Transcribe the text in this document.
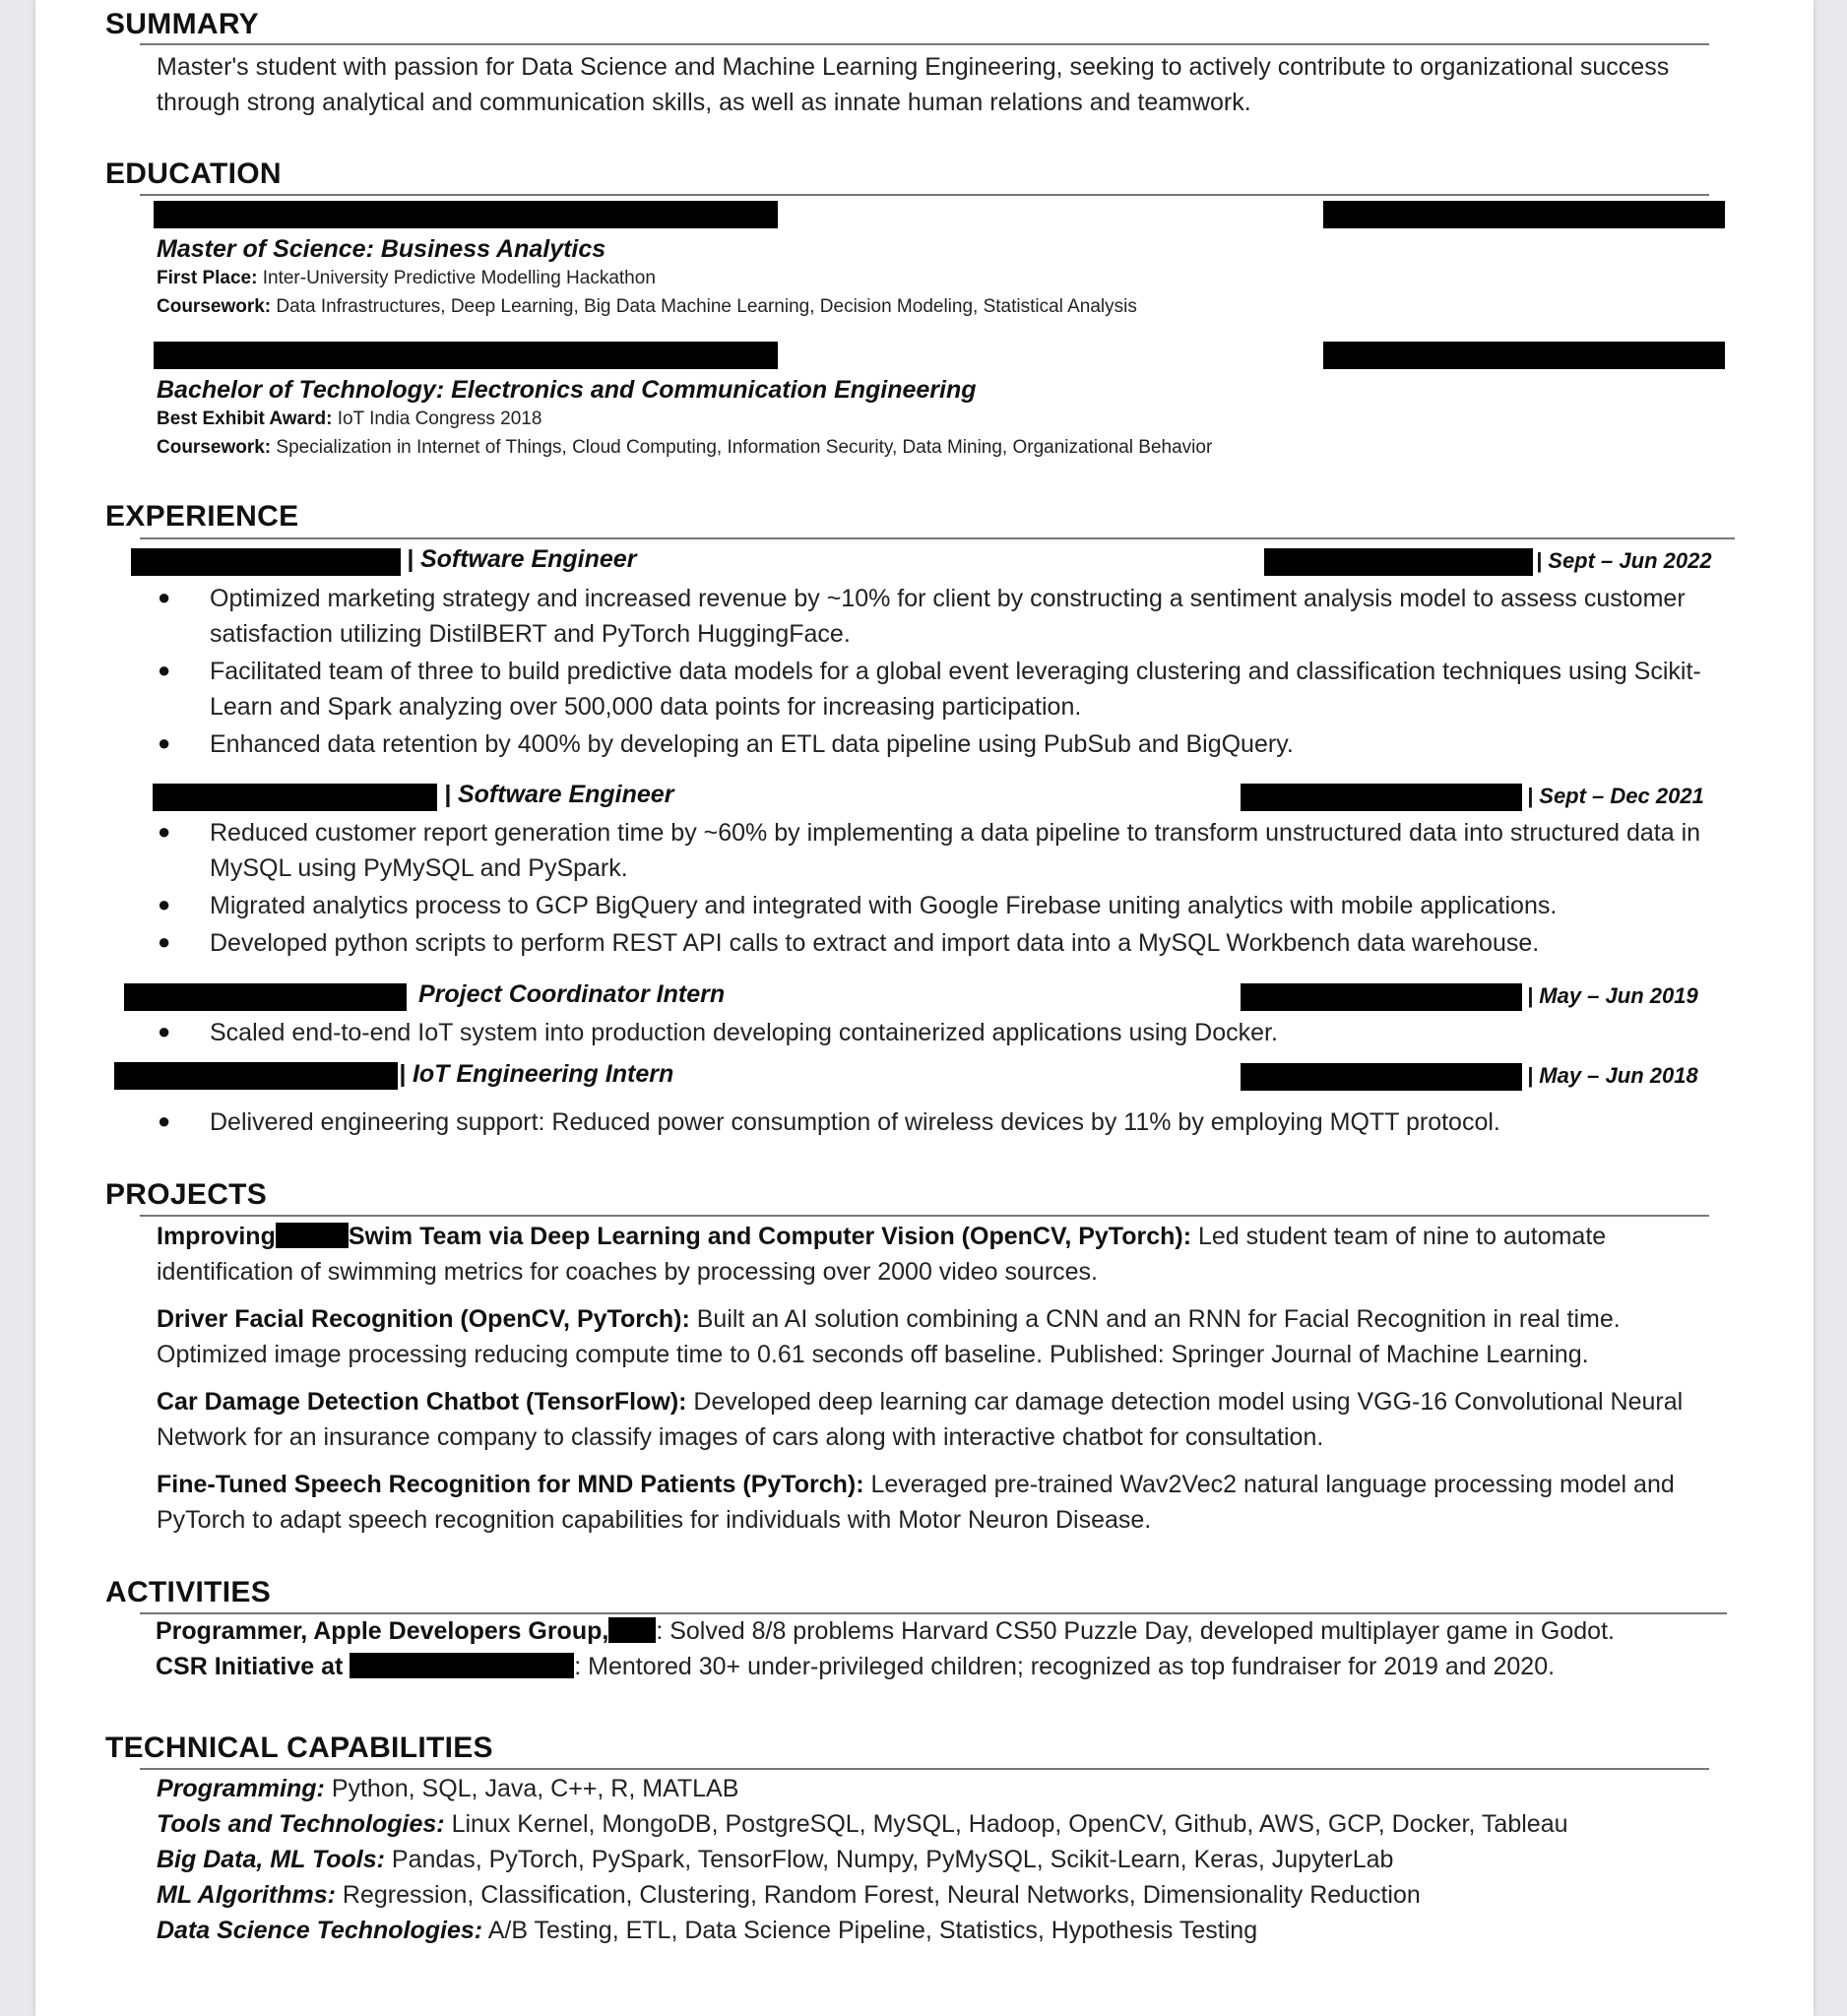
SUMMARY
Master's student with passion for Data Science and Machine Learning Engineering, seeking to actively contribute to organizational success through strong analytical and communication skills, as well as innate human relations and teamwork.
EDUCATION
Master of Science: Business Analytics
First Place: Inter-University Predictive Modelling Hackathon
Coursework: Data Infrastructures, Deep Learning, Big Data Machine Learning, Decision Modeling, Statistical Analysis
Bachelor of Technology: Electronics and Communication Engineering
Best Exhibit Award: IoT India Congress 2018
Coursework: Specialization in Internet of Things, Cloud Computing, Information Security, Data Mining, Organizational Behavior
EXPERIENCE
| Software Engineer	| Sept – Jun 2022
● Optimized marketing strategy and increased revenue by ~10% for client by constructing a sentiment analysis model to assess customer satisfaction utilizing DistilBERT and PyTorch HuggingFace.
● Facilitated team of three to build predictive data models for a global event leveraging clustering and classification techniques using Scikit-Learn and Spark analyzing over 500,000 data points for increasing participation.
● Enhanced data retention by 400% by developing an ETL data pipeline using PubSub and BigQuery.
| Software Engineer	| Sept – Dec 2021
● Reduced customer report generation time by ~60% by implementing a data pipeline to transform unstructured data into structured data in MySQL using PyMySQL and PySpark.
● Migrated analytics process to GCP BigQuery and integrated with Google Firebase uniting analytics with mobile applications.
● Developed python scripts to perform REST API calls to extract and import data into a MySQL Workbench data warehouse.
Project Coordinator Intern	| May – Jun 2019
● Scaled end-to-end IoT system into production developing containerized applications using Docker.
| IoT Engineering Intern	| May – Jun 2018
● Delivered engineering support: Reduced power consumption of wireless devices by 11% by employing MQTT protocol.
PROJECTS
Improving	Swim Team via Deep Learning and Computer Vision (OpenCV, PyTorch): Led student team of nine to automate identification of swimming metrics for coaches by processing over 2000 video sources.
Driver Facial Recognition (OpenCV, PyTorch): Built an AI solution combining a CNN and an RNN for Facial Recognition in real time. Optimized image processing reducing compute time to 0.61 seconds off baseline. Published: Springer Journal of Machine Learning.
Car Damage Detection Chatbot (TensorFlow): Developed deep learning car damage detection model using VGG-16 Convolutional Neural Network for an insurance company to classify images of cars along with interactive chatbot for consultation.
Fine-Tuned Speech Recognition for MND Patients (PyTorch): Leveraged pre-trained Wav2Vec2 natural language processing model and PyTorch to adapt speech recognition capabilities for individuals with Motor Neuron Disease.
ACTIVITIES
Programmer, Apple Developers Group, : Solved 8/8 problems Harvard CS50 Puzzle Day, developed multiplayer game in Godot.
CSR Initiative at	: Mentored 30+ under-privileged children; recognized as top fundraiser for 2019 and 2020.
TECHNICAL CAPABILITIES
Programming: Python, SQL, Java, C++, R, MATLAB
Tools and Technologies: Linux Kernel, MongoDB, PostgreSQL, MySQL, Hadoop, OpenCV, Github, AWS, GCP, Docker, Tableau
Big Data, ML Tools: Pandas, PyTorch, PySpark, TensorFlow, Numpy, PyMySQL, Scikit-Learn, Keras, JupyterLab
ML Algorithms: Regression, Classification, Clustering, Random Forest, Neural Networks, Dimensionality Reduction
Data Science Technologies: A/B Testing, ETL, Data Science Pipeline, Statistics, Hypothesis Testing
